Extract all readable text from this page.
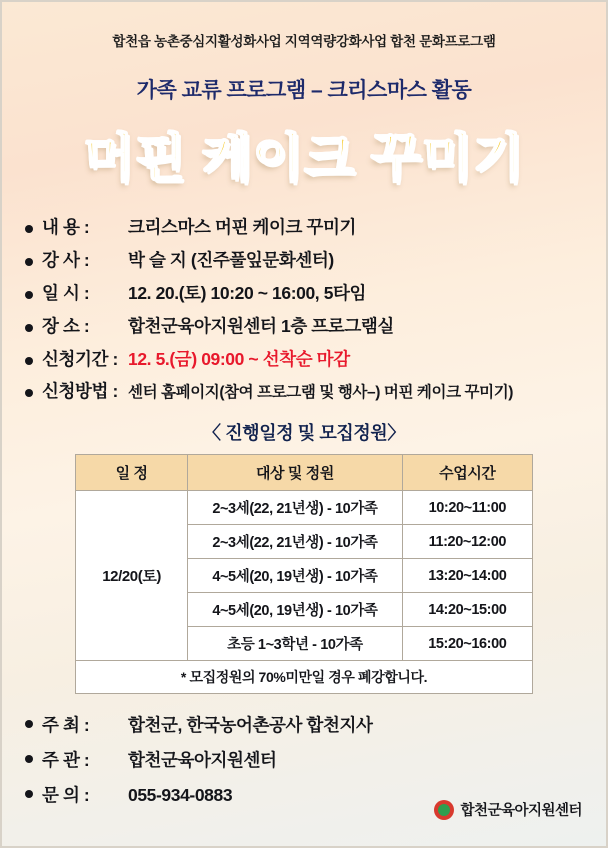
합천읍 농촌중심지활성화사업 지역역량강화사업 합천 문화프로그램
가족 교류 프로그램 – 크리스마스 활동
머핀 케이크 꾸미기
내 용 : 크리스마스 머핀 케이크 꾸미기
강 사 : 박 슬 지 (진주풀잎문화센터)
일 시 : 12. 20.(토) 10:20 ~ 16:00, 5타임
장 소 : 합천군육아지원센터 1층 프로그램실
신청기간 : 12. 5.(금) 09:00 ~ 선착순 마감
신청방법 : 센터 홈페이지(참여 프로그램 및 행사–) 머핀 케이크 꾸미기)
〈 진행일정 및 모집정원〉
일 정	대상 및 정원	수업시간
12/20(토)	2~3세(22, 21년생) - 10가족	10:20~11:00
	2~3세(22, 21년생) - 10가족	11:20~12:00
	4~5세(20, 19년생) - 10가족	13:20~14:00
	4~5세(20, 19년생) - 10가족	14:20~15:00
	초등 1~3학년 - 10가족	15:20~16:00
* 모집정원의 70%미만일 경우 폐강합니다.		
주 최 : 합천군, 한국농어촌공사 합천지사
주 관 : 합천군육아지원센터
문 의 : 055-934-0883
합천군육아지원센터
